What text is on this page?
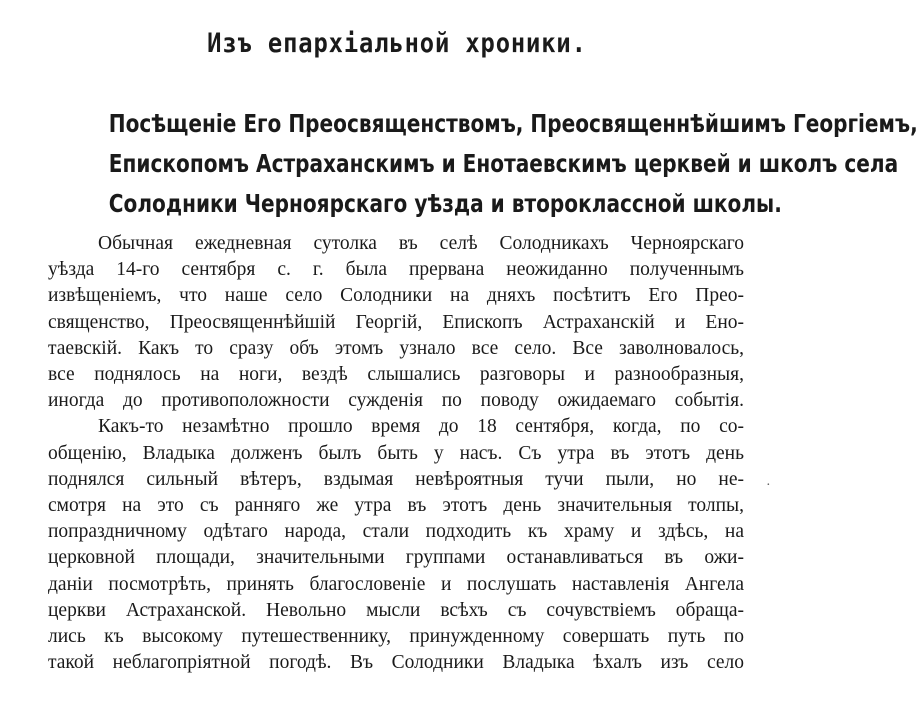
Изъ епархіальной хроники.
Посѣщеніе Его Преосвященствомъ, Преосвященнѣйшимъ Георгіемъ,
Епископомъ Астраханскимъ и Енотаевскимъ церквей и школъ села
Солодники Черноярскаго уѣзда и второклассной школы.
Обычная ежедневная сутолка въ селѣ Солодникахъ Черноярскаго
уѣзда 14-го сентября с. г. была прервана неожиданно полученнымъ
извѣщеніемъ, что наше село Солодники на дняхъ посѣтитъ Его Прео-
священство, Преосвященнѣйшій Георгій, Епископъ Астраханскій и Ено-
таевскій. Какъ то сразу объ этомъ узнало все село. Все заволновалось,
все поднялось на ноги, вездѣ слышались разговоры и разнообразныя,
иногда до противоположности сужденія по поводу ожидаемаго событія.
Какъ-то незамѣтно прошло время до 18 сентября, когда, по со-
общенію, Владыка долженъ былъ быть у насъ. Съ утра въ этотъ день
поднялся сильный вѣтеръ, вздымая невѣроятныя тучи пыли, но не-
смотря на это съ ранняго же утра въ этотъ день значительныя толпы,
попраздничному одѣтаго народа, стали подходить къ храму и здѣсь, на
церковной площади, значительными группами останавливаться въ ожи-
даніи посмотрѣть, принять благословеніе и послушать наставленія Ангела
церкви Астраханской. Невольно мысли всѣхъ съ сочувствіемъ обраща-
лись къ высокому путешественнику, принужденному совершать путь по
такой неблагопріятной погодѣ. Въ Солодники Владыка ѣхалъ изъ село
·
